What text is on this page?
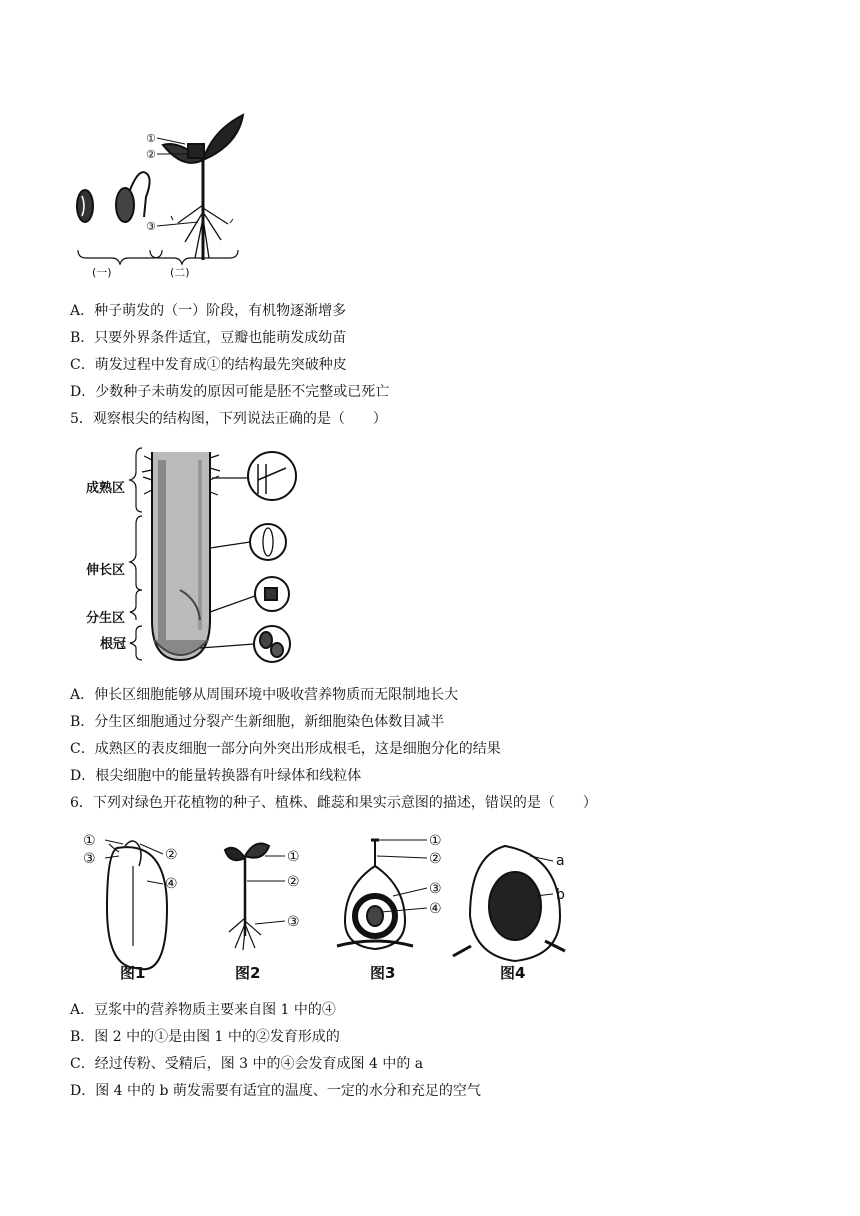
①
②
③
(一)	(二)
A．种子萌发的（一）阶段，有机物逐渐增多
B．只要外界条件适宜，豆瓣也能萌发成幼苗
C．萌发过程中发育成①的结构最先突破种皮
D．少数种子未萌发的原因可能是胚不完整或已死亡
5．观察根尖的结构图，下列说法正确的是（　　）
成熟区
伸长区
分生区
根冠
A．伸长区细胞能够从周围环境中吸收营养物质而无限制地长大
B．分生区细胞通过分裂产生新细胞，新细胞染色体数目减半
C．成熟区的表皮细胞一部分向外突出形成根毛，这是细胞分化的结果
D．根尖细胞中的能量转换器有叶绿体和线粒体
6．下列对绿色开花植物的种子、植株、雌蕊和果实示意图的描述，错误的是（　　）
①
③	②
④
图1
①
②
③
图2
①
②
③
④
图3
a
b
图4
A．豆浆中的营养物质主要来自图 1 中的④
B．图 2 中的①是由图 1 中的②发育形成的
C．经过传粉、受精后，图 3 中的④会发育成图 4 中的 a
D．图 4 中的 b 萌发需要有适宜的温度、一定的水分和充足的空气
